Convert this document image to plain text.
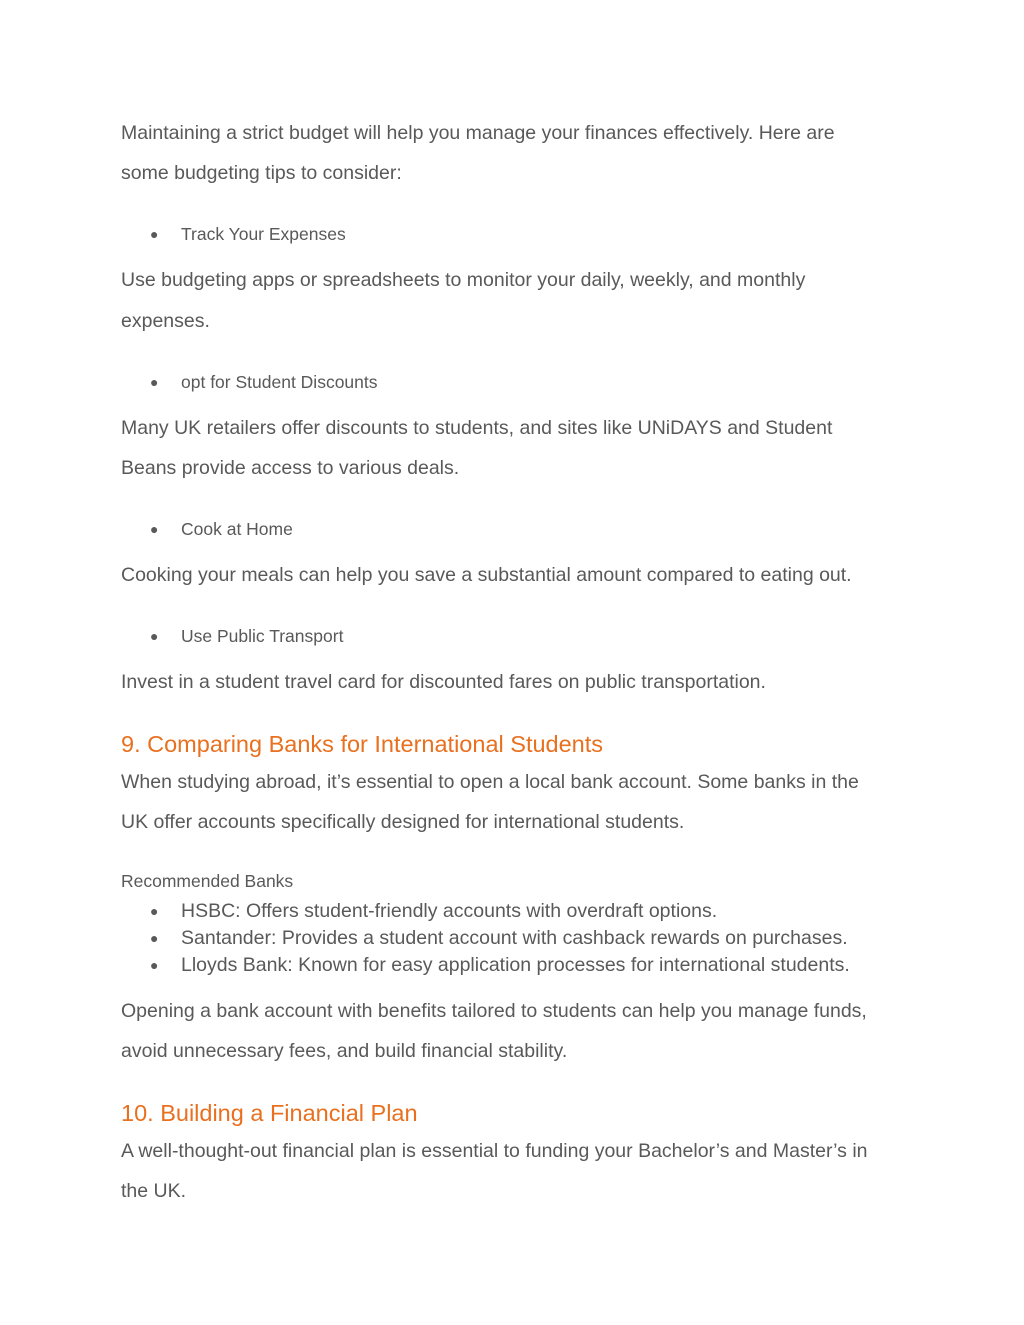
Maintaining a strict budget will help you manage your finances effectively. Here are

some budgeting tips to consider:

● Track Your Expenses

Use budgeting apps or spreadsheets to monitor your daily, weekly, and monthly

expenses.

● opt for Student Discounts

Many UK retailers offer discounts to students, and sites like UNiDAYS and Student

Beans provide access to various deals.

● Cook at Home

Cooking your meals can help you save a substantial amount compared to eating out.

● Use Public Transport

Invest in a student travel card for discounted fares on public transportation.

9. Comparing Banks for International Students

When studying abroad, it’s essential to open a local bank account. Some banks in the

UK offer accounts specifically designed for international students.

Recommended Banks
● HSBC: Offers student-friendly accounts with overdraft options.
● Santander: Provides a student account with cashback rewards on purchases.
● Lloyds Bank: Known for easy application processes for international students.

Opening a bank account with benefits tailored to students can help you manage funds,

avoid unnecessary fees, and build financial stability.

10. Building a Financial Plan

A well-thought-out financial plan is essential to funding your Bachelor’s and Master’s in

the UK.
